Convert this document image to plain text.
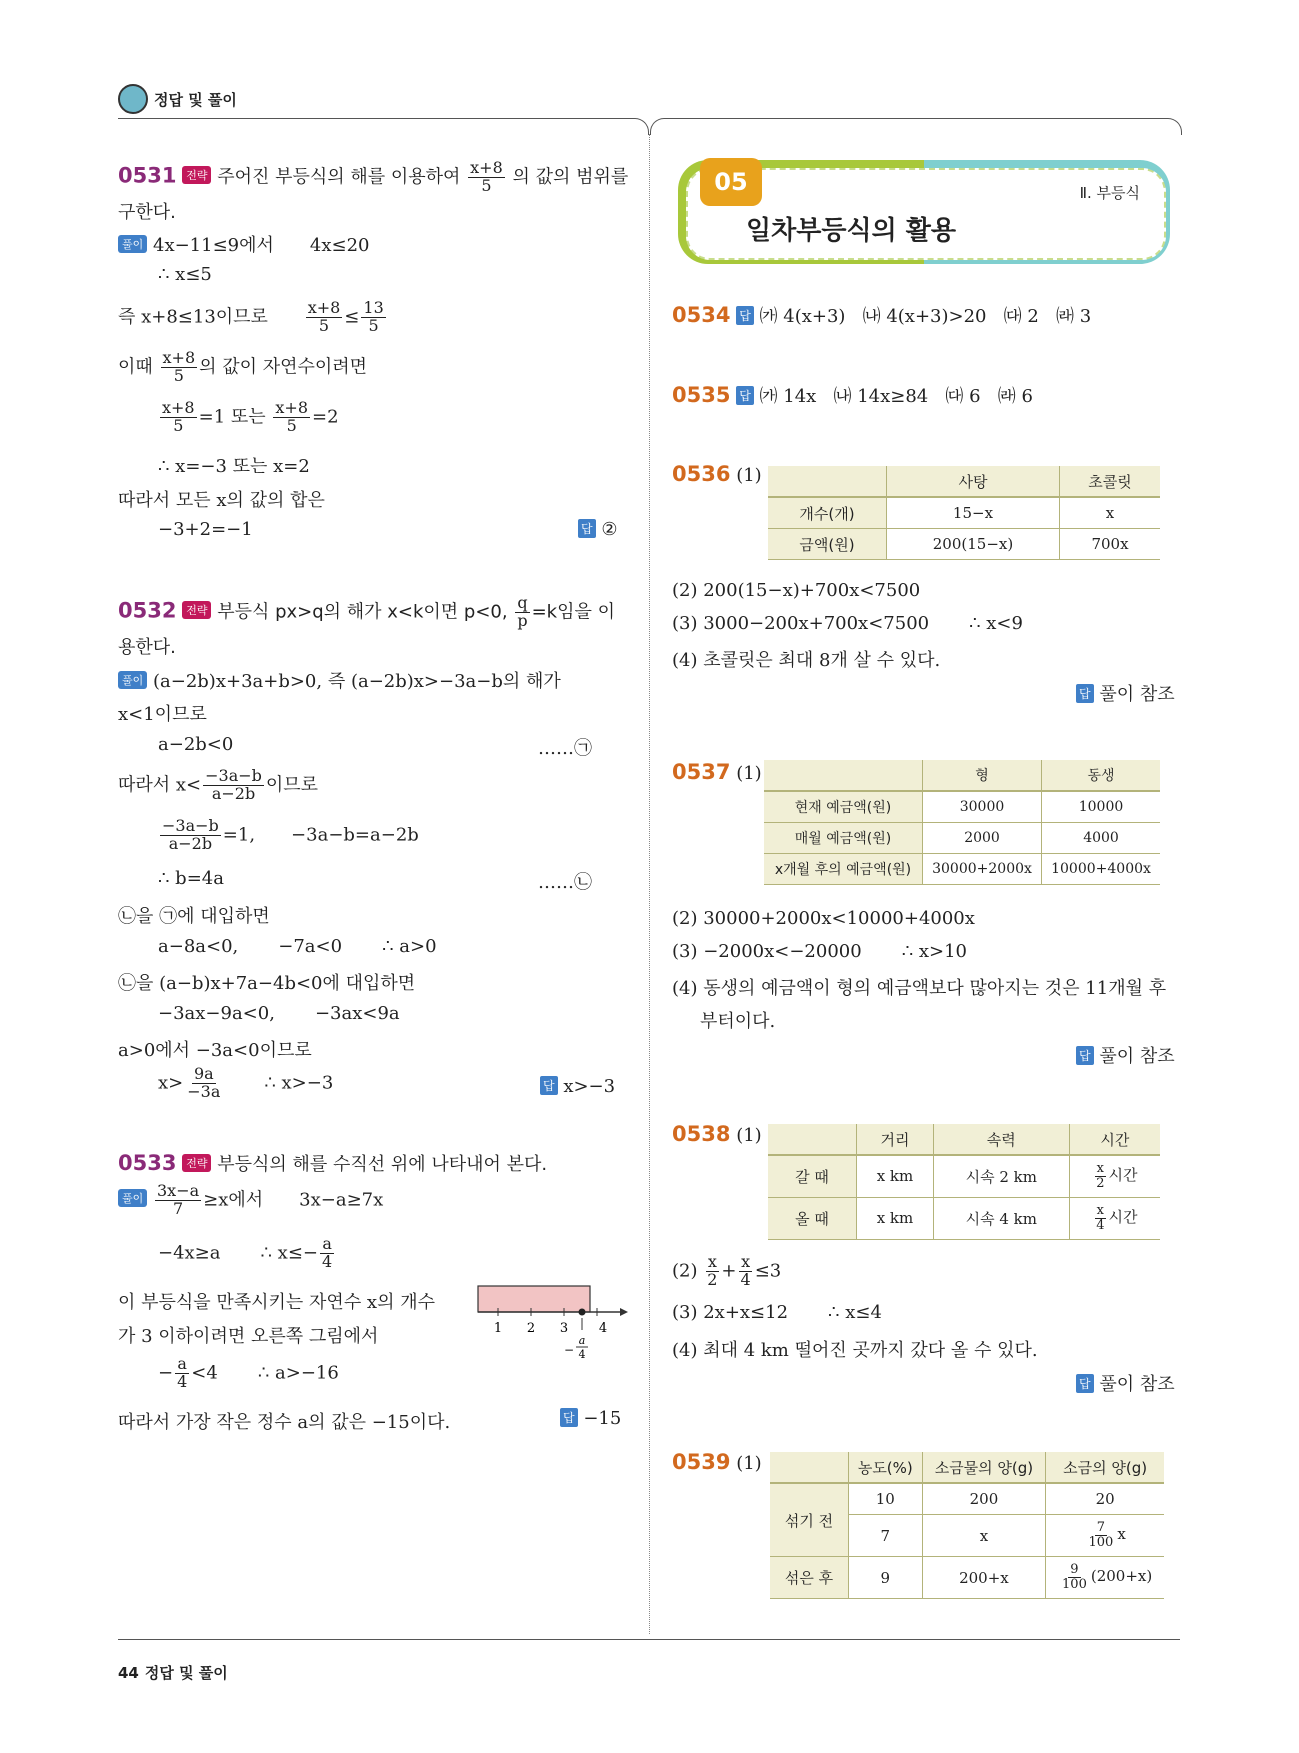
정답 및 풀이
0531 전략 주어진 부등식의 해를 이용하여 $\frac{x+8}{5}$ 의 값의 범위를
구한다.
풀이 4x−11≤9에서 4x≤20
∴ x≤5
즉 x+8≤13이므로 $\frac{x+8}{5} \le \frac{13}{5}$
이때 $\frac{x+8}{5}$ 의 값이 자연수이려면
$\frac{x+8}{5} =1$ 또는 $\frac{x+8}{5} =2$
∴ x=−3 또는 x=2
따라서 모든 x의 값의 합은
−3+2=−1	답 ②
0532 전략 부등식 px>q의 해가 x<k이면 p<0, $\frac{q}{p} =k$임을 이
용한다.
풀이 (a−2b)x+3a+b>0, 즉 (a−2b)x>−3a−b의 해가
x<1이므로
a−2b<0	……㉠
따라서 $x< \frac{-3a-b}{a-2b}$ 이므로
$\frac{-3a-b}{a-2b} =1$, −3a−b=a−2b
∴ b=4a	……㉡
㉡을 ㉠에 대입하면
a−8a<0, −7a<0 ∴ a>0
㉡을 (a−b)x+7a−4b<0에 대입하면
−3ax−9a<0, −3ax<9a
a>0에서 −3a<0이므로
$x> \frac{9a}{-3a}$ ∴ x>−3	답 x>−3
0533 전략 부등식의 해를 수직선 위에 나타내어 본다.
풀이 $\frac{3x-a}{7} \ge x$에서 3x−a≥7x
−4x≥a ∴ $x\le- \frac{a}{4}$
이 부등식을 만족시키는 자연수 x의 개수
가 3 이하이려면 오른쪽 그림에서
− $\frac{a}{4} <4$ ∴ a>−16
따라서 가장 작은 정수 a의 값은 −15이다.	답 −15
1 2 3 4
−
a
4
05
일차부등식의 활용
Ⅱ. 부등식
0534 답 ㈎ 4(x+3) ㈏ 4(x+3)>20 ㈐ 2 ㈑ 3
0535 답 ㈎ 14x ㈏ 14x≥84 ㈐ 6 ㈑ 6
0536 (1)
		사탕	초콜릿
개수(개)	15−x	x
금액(원)	200(15−x)	700x
(2) 200(15−x)+700x<7500
(3) 3000−200x+700x<7500 ∴ x<9
(4) 초콜릿은 최대 8개 살 수 있다.
답 풀이 참조
0537 (1)
		형	동생
현재 예금액(원)	30000	10000
매월 예금액(원)	2000	4000
x개월 후의 예금액(원)	30000+2000x	10000+4000x
(2) 30000+2000x<10000+4000x
(3) −2000x<−20000 ∴ x>10
(4) 동생의 예금액이 형의 예금액보다 많아지는 것은 11개월 후
부터이다.
답 풀이 참조
0538 (1)
		거리	속력	시간
갈 때	x km	시속 2 km	$\frac{x}{2}$ 시간
올 때	x km	시속 4 km	$\frac{x}{4}$ 시간
$(2) \frac{x}{2} + \frac{x}{4} \le 3$
(3) 2x+x≤12 ∴ x≤4
(4) 최대 4 km 떨어진 곳까지 갔다 올 수 있다.
답 풀이 참조
0539 (1)
		농도(%)	소금물의 양(g)	소금의 양(g)
섞기 전	10	200	20
	7	x	$\frac{7}{100}$ x
섞은 후	9	200+x	$\frac{9}{100} (200+x)$
44 정답 및 풀이
